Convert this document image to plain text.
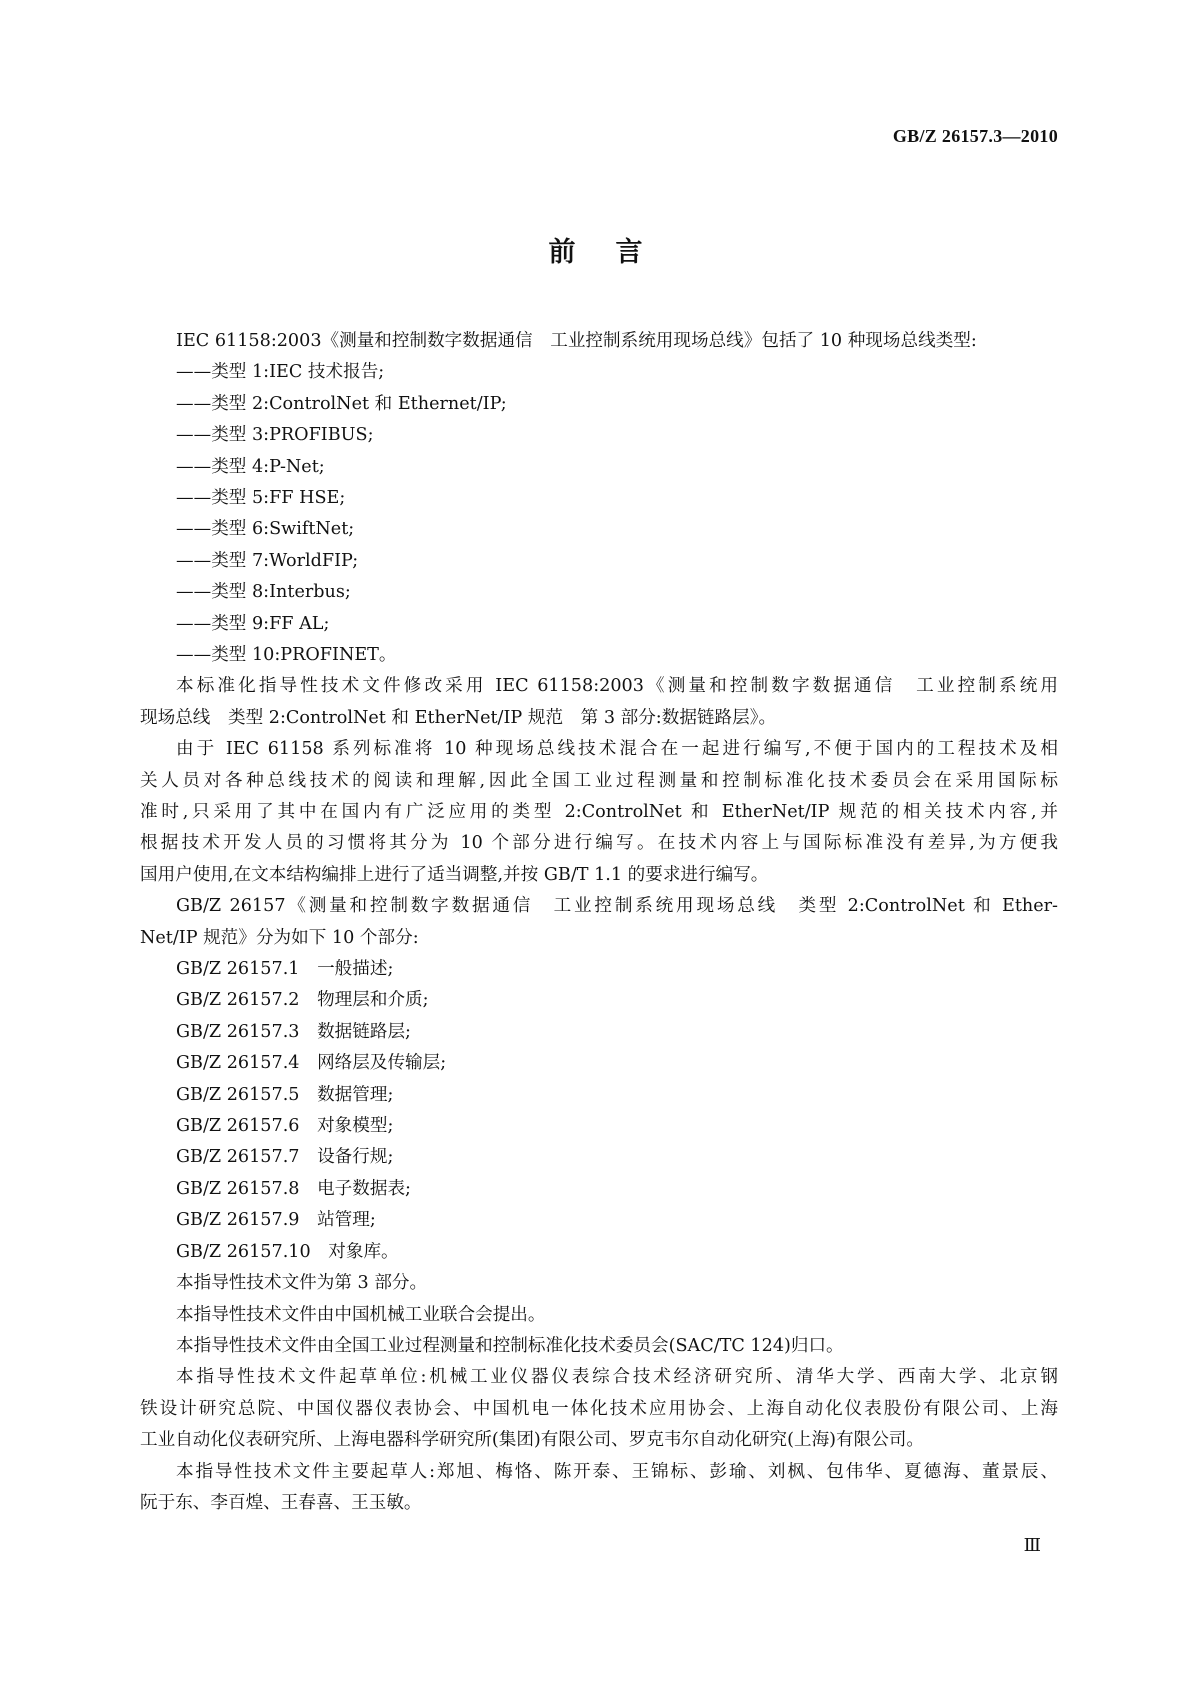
GB/Z 26157.3—2010
前言
IEC 61158:2003《测量和控制数字数据通信　工业控制系统用现场总线》包括了 10 种现场总线类型:
——类型 1:IEC 技术报告;
——类型 2:ControlNet 和 Ethernet/IP;
——类型 3:PROFIBUS;
——类型 4:P-Net;
——类型 5:FF HSE;
——类型 6:SwiftNet;
——类型 7:WorldFIP;
——类型 8:Interbus;
——类型 9:FF AL;
——类型 10:PROFINET。
本标准化指导性技术文件修改采用 IEC 61158:2003《测量和控制数字数据通信　工业控制系统用
现场总线　类型 2:ControlNet 和 EtherNet/IP 规范　第 3 部分:数据链路层》。
由于 IEC 61158 系列标准将 10 种现场总线技术混合在一起进行编写,不便于国内的工程技术及相
关人员对各种总线技术的阅读和理解,因此全国工业过程测量和控制标准化技术委员会在采用国际标
准时,只采用了其中在国内有广泛应用的类型 2:ControlNet 和 EtherNet/IP 规范的相关技术内容,并
根据技术开发人员的习惯将其分为 10 个部分进行编写。在技术内容上与国际标准没有差异,为方便我
国用户使用,在文本结构编排上进行了适当调整,并按 GB/T 1.1 的要求进行编写。
GB/Z 26157《测量和控制数字数据通信　工业控制系统用现场总线　类型 2:ControlNet 和 Ether-
Net/IP 规范》分为如下 10 个部分:
GB/Z 26157.1　一般描述;
GB/Z 26157.2　物理层和介质;
GB/Z 26157.3　数据链路层;
GB/Z 26157.4　网络层及传输层;
GB/Z 26157.5　数据管理;
GB/Z 26157.6　对象模型;
GB/Z 26157.7　设备行规;
GB/Z 26157.8　电子数据表;
GB/Z 26157.9　站管理;
GB/Z 26157.10　对象库。
本指导性技术文件为第 3 部分。
本指导性技术文件由中国机械工业联合会提出。
本指导性技术文件由全国工业过程测量和控制标准化技术委员会(SAC/TC 124)归口。
本指导性技术文件起草单位:机械工业仪器仪表综合技术经济研究所、清华大学、西南大学、北京钢
铁设计研究总院、中国仪器仪表协会、中国机电一体化技术应用协会、上海自动化仪表股份有限公司、上海
工业自动化仪表研究所、上海电器科学研究所(集团)有限公司、罗克韦尔自动化研究(上海)有限公司。
本指导性技术文件主要起草人:郑旭、梅恪、陈开泰、王锦标、彭瑜、刘枫、包伟华、夏德海、董景辰、
阮于东、李百煌、王春喜、王玉敏。
Ⅲ
